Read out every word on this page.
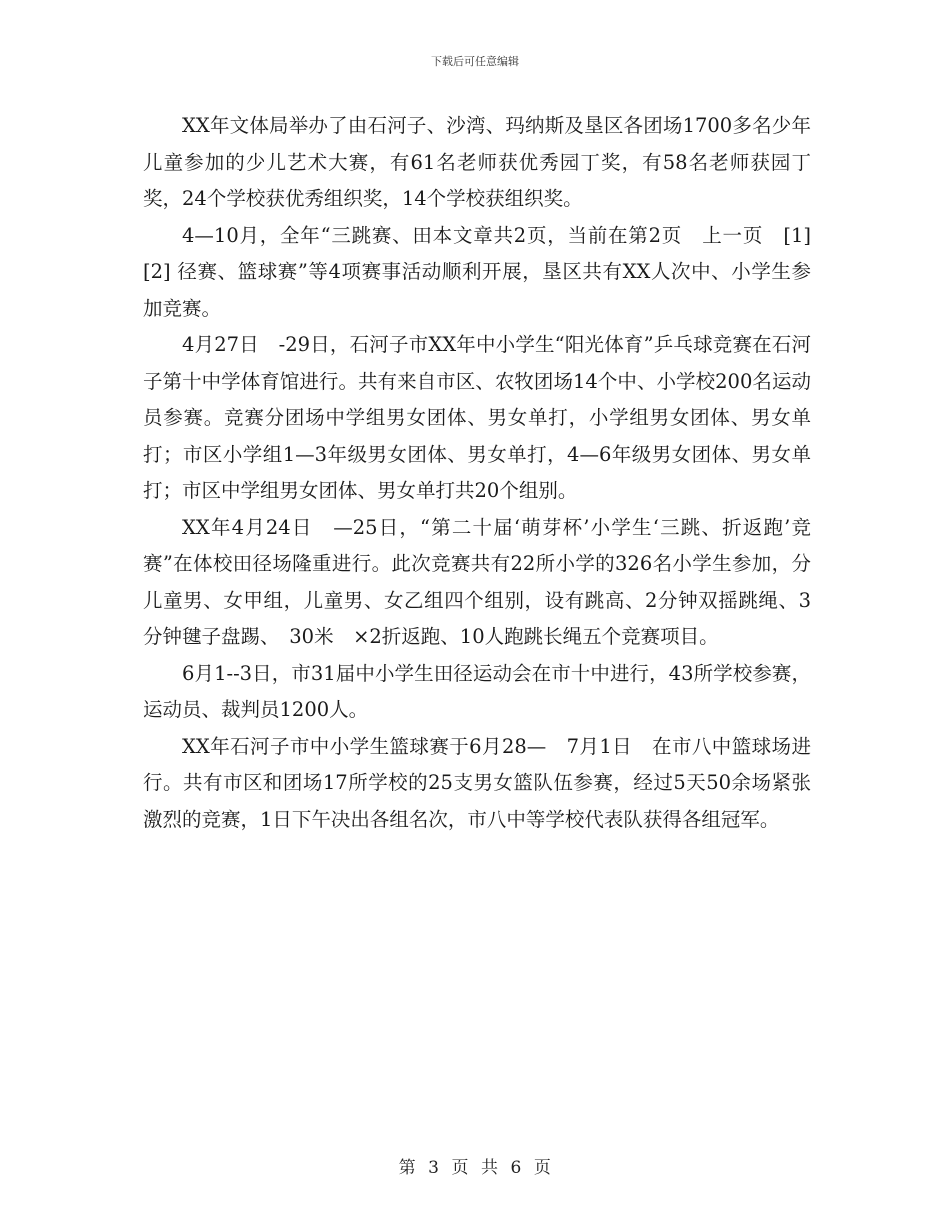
下载后可任意编辑

XX年文体局举办了由石河子、沙湾、玛纳斯及垦区各团场1700多名少年儿童参加的少儿艺术大赛，有61名老师获优秀园丁奖，有58名老师获园丁奖，24个学校获优秀组织奖，14个学校获组织奖。

4—10月，全年“三跳赛、田本文章共2页，当前在第2页　上一页　[1][2] 径赛、篮球赛”等4项赛事活动顺利开展，垦区共有XX人次中、小学生参加竞赛。

4月27日　-29日，石河子市XX年中小学生“阳光体育”乒乓球竞赛在石河子第十中学体育馆进行。共有来自市区、农牧团场14个中、小学校200名运动员参赛。竞赛分团场中学组男女团体、男女单打，小学组男女团体、男女单打；市区小学组1—3年级男女团体、男女单打，4—6年级男女团体、男女单打；市区中学组男女团体、男女单打共20个组别。

XX年4月24日　—25日，“第二十届‘萌芽杯’小学生‘三跳、折返跑’竞赛”在体校田径场隆重进行。此次竞赛共有22所小学的326名小学生参加，分儿童男、女甲组，儿童男、女乙组四个组别，设有跳高、2分钟双摇跳绳、3分钟毽子盘踢、　30米　×2折返跑、10人跑跳长绳五个竞赛项目。

6月1--3日，市31届中小学生田径运动会在市十中进行，43所学校参赛，运动员、裁判员1200人。

XX年石河子市中小学生篮球赛于6月28—　7月1日　在市八中篮球场进行。共有市区和团场17所学校的25支男女篮队伍参赛，经过5天50余场紧张激烈的竞赛，1日下午决出各组名次，市八中等学校代表队获得各组冠军。

第 3 页 共 6 页
